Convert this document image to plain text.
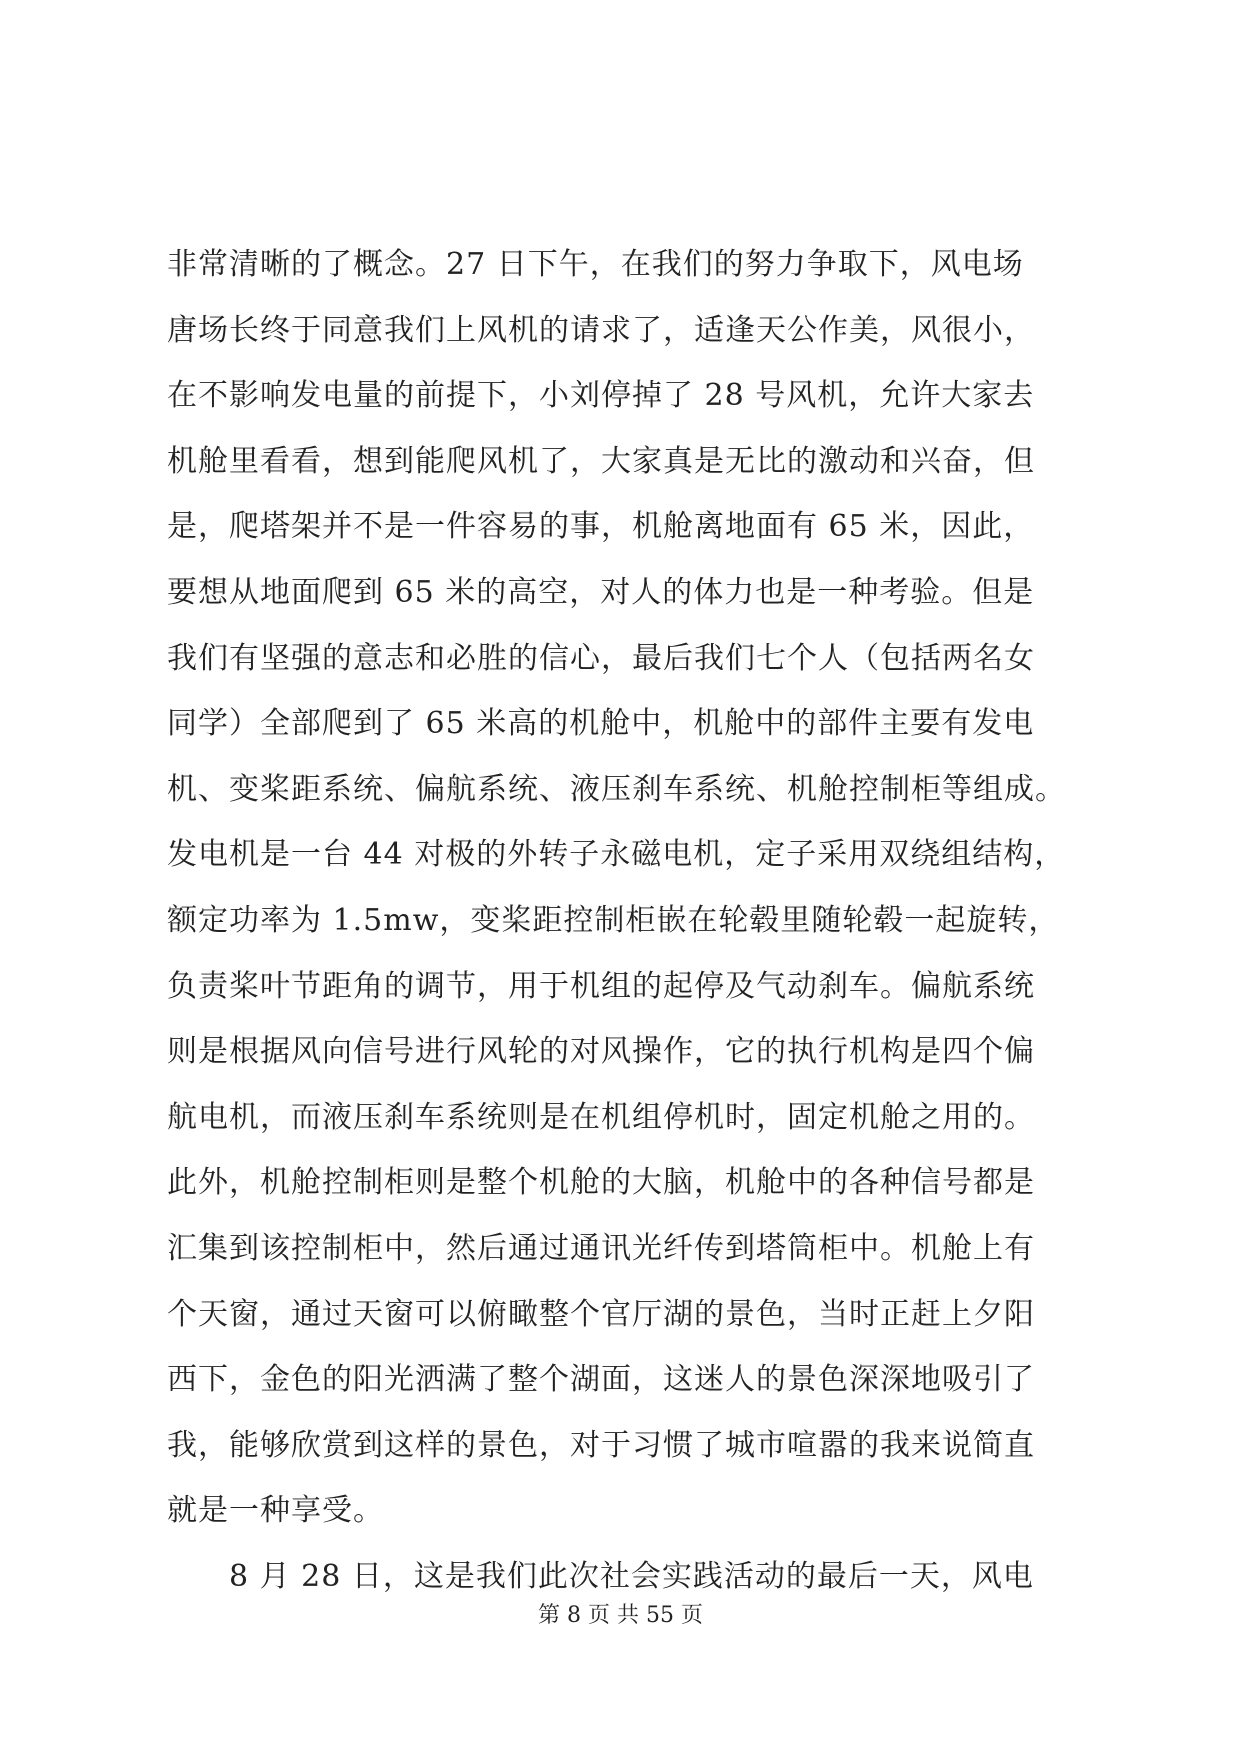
非常清晰的了概念。27 日下午，在我们的努力争取下，风电场
唐场长终于同意我们上风机的请求了，适逢天公作美，风很小，
在不影响发电量的前提下，小刘停掉了 28 号风机，允许大家去
机舱里看看，想到能爬风机了，大家真是无比的激动和兴奋，但
是，爬塔架并不是一件容易的事，机舱离地面有 65 米，因此，
要想从地面爬到 65 米的高空，对人的体力也是一种考验。但是
我们有坚强的意志和必胜的信心，最后我们七个人（包括两名女
同学）全部爬到了 65 米高的机舱中，机舱中的部件主要有发电
机、变桨距系统、偏航系统、液压刹车系统、机舱控制柜等组成。
发电机是一台 44 对极的外转子永磁电机，定子采用双绕组结构，
额定功率为 1.5mw，变桨距控制柜嵌在轮毂里随轮毂一起旋转，
负责桨叶节距角的调节，用于机组的起停及气动刹车。偏航系统
则是根据风向信号进行风轮的对风操作，它的执行机构是四个偏
航电机，而液压刹车系统则是在机组停机时，固定机舱之用的。
此外，机舱控制柜则是整个机舱的大脑，机舱中的各种信号都是
汇集到该控制柜中，然后通过通讯光纤传到塔筒柜中。机舱上有
个天窗，通过天窗可以俯瞰整个官厅湖的景色，当时正赶上夕阳
西下，金色的阳光洒满了整个湖面，这迷人的景色深深地吸引了
我，能够欣赏到这样的景色，对于习惯了城市喧嚣的我来说简直
就是一种享受。
8 月 28 日，这是我们此次社会实践活动的最后一天，风电
第 8 页 共 55 页
